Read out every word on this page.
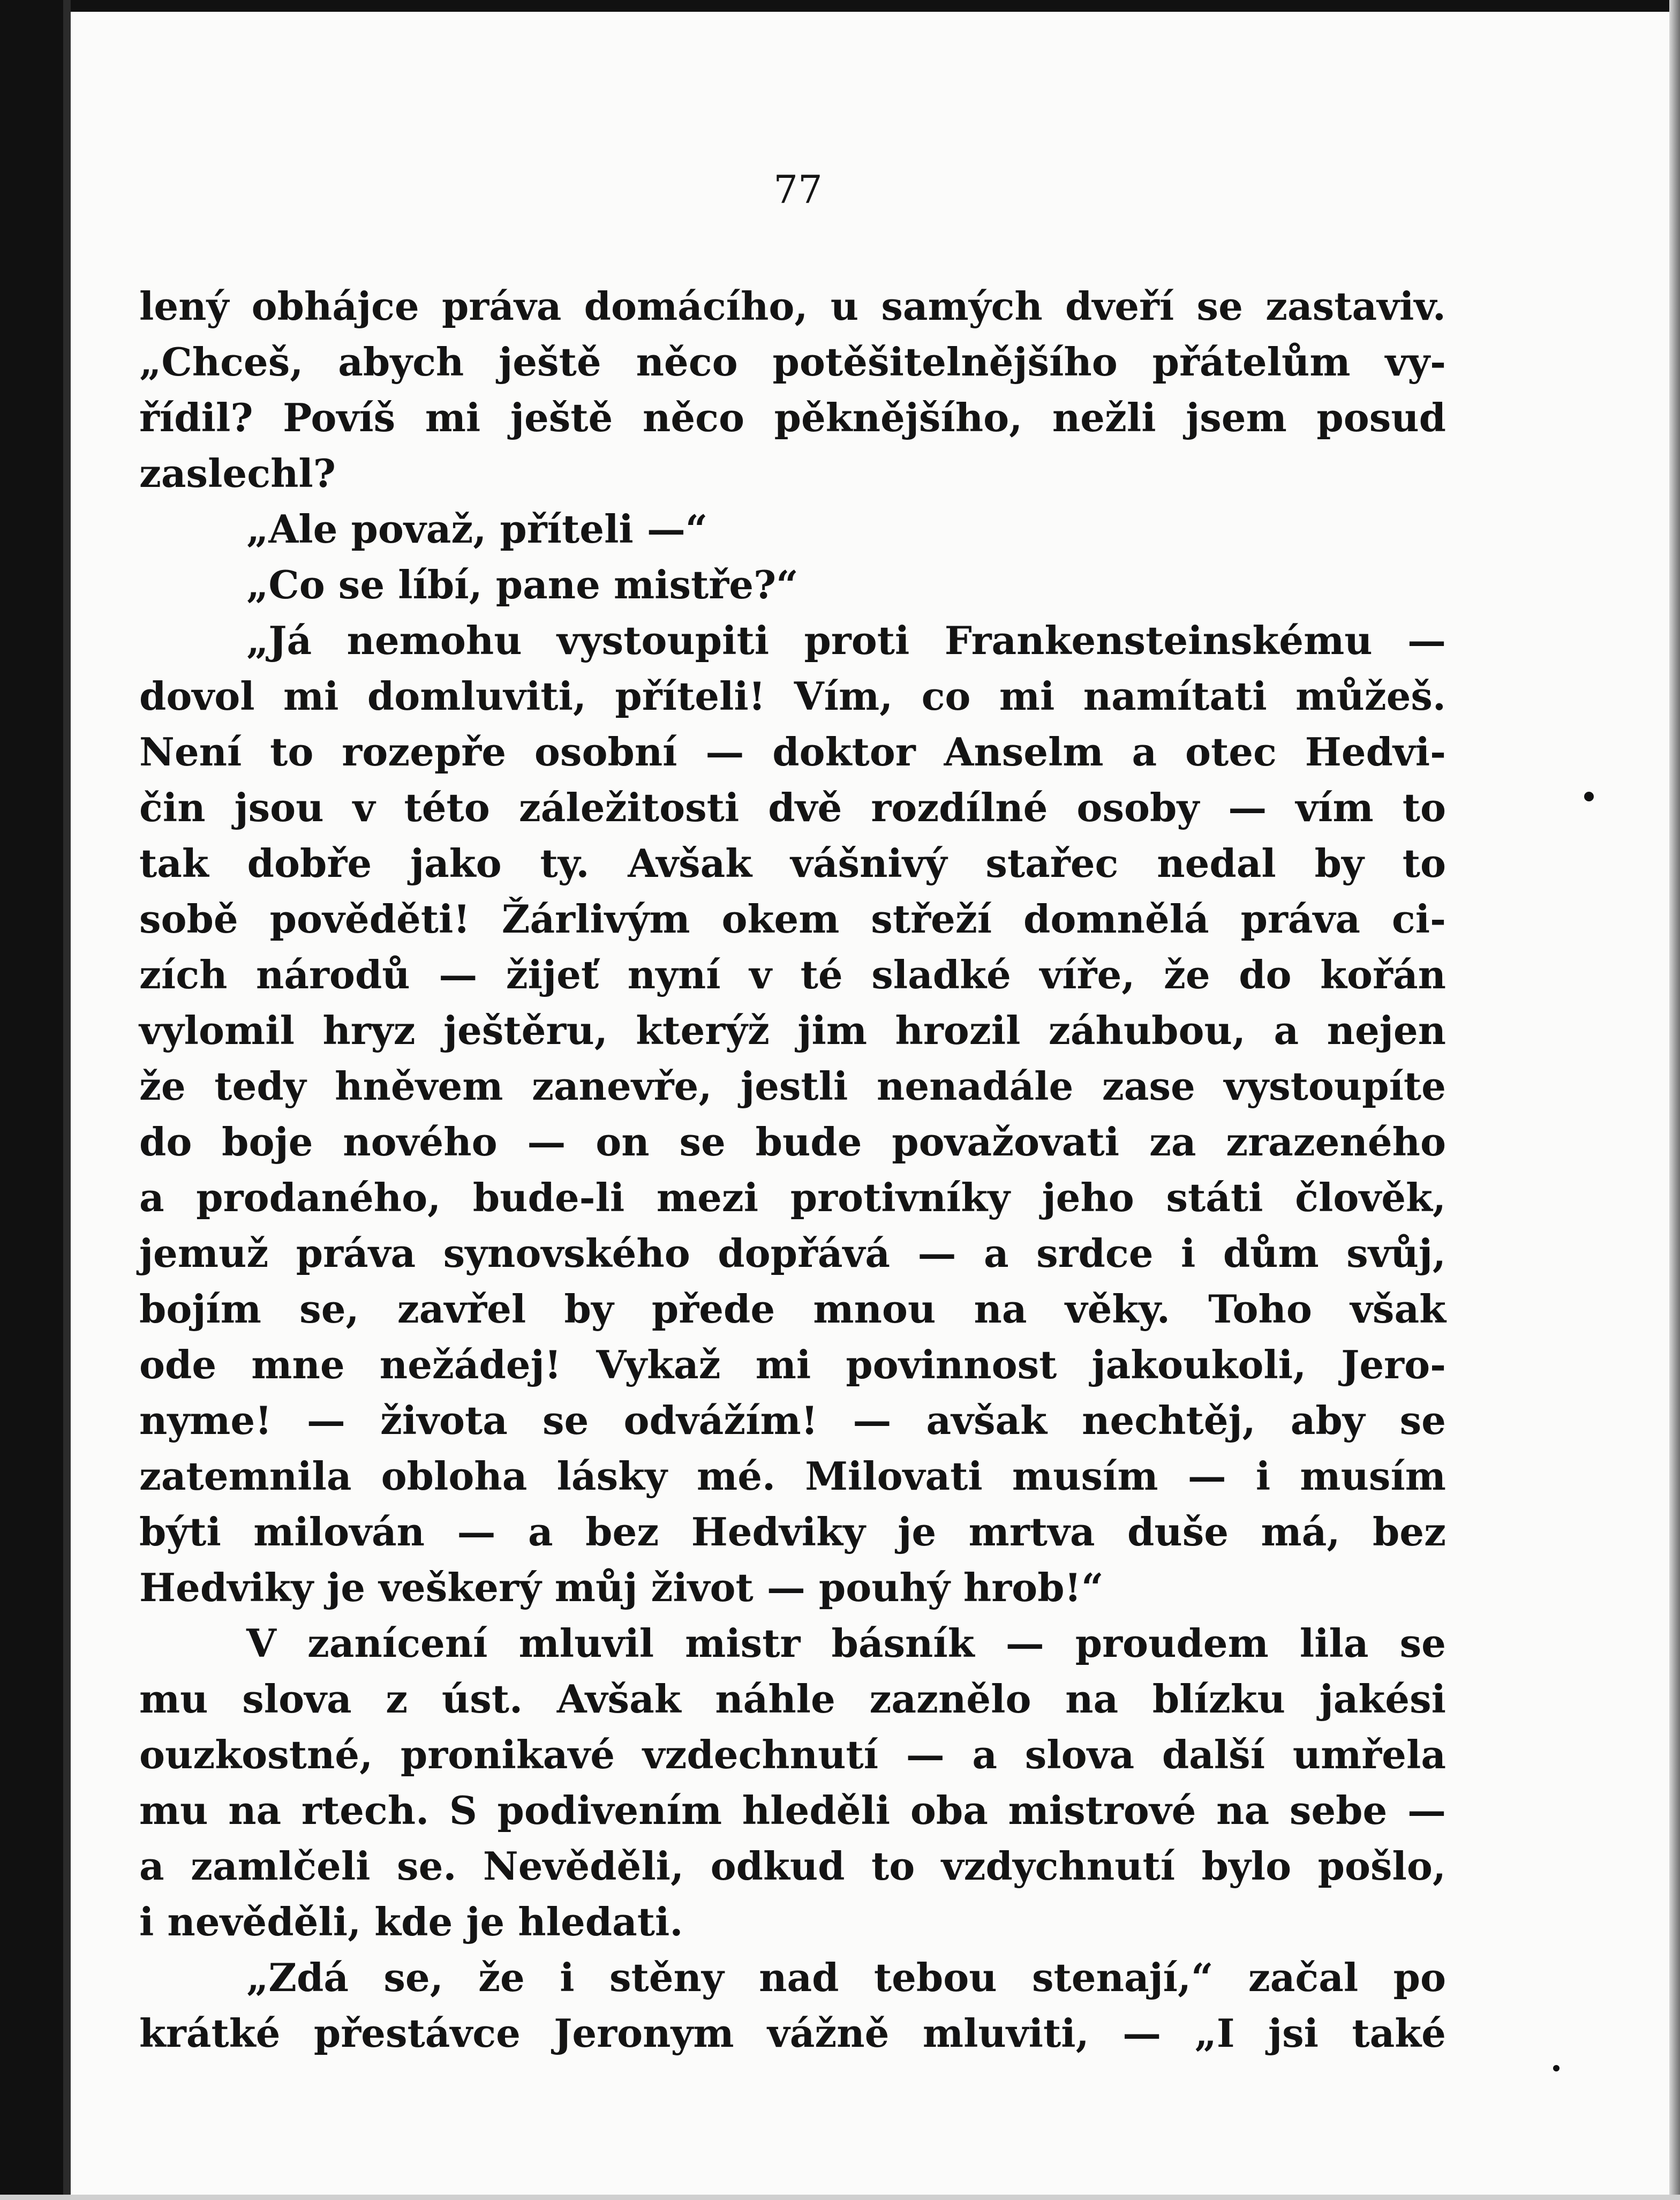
77
lený obhájce práva domácího, u samých dveří se zastaviv.
„Chceš, abych ještě něco potěšitelnějšího přátelům vy-
řídil? Povíš mi ještě něco pěknějšího, nežli jsem posud
zaslechl?
„Ale považ, příteli —“
„Co se líbí, pane mistře?“
„Já nemohu vystoupiti proti Frankensteinskému —
dovol mi domluviti, příteli! Vím, co mi namítati můžeš.
Není to rozepře osobní — doktor Anselm a otec Hedvi-
čin jsou v této záležitosti dvě rozdílné osoby — vím to
tak dobře jako ty. Avšak vášnivý stařec nedal by to
sobě pověděti! Žárlivým okem střeží domnělá práva ci-
zích národů — žijeť nyní v té sladké víře, že do kořán
vylomil hryz ještěru, kterýž jim hrozil záhubou, a nejen
že tedy hněvem zanevře, jestli nenadále zase vystoupíte
do boje nového — on se bude považovati za zrazeného
a prodaného, bude-li mezi protivníky jeho státi člověk,
jemuž práva synovského dopřává — a srdce i dům svůj,
bojím se, zavřel by přede mnou na věky. Toho však
ode mne nežádej! Vykaž mi povinnost jakoukoli, Jero-
nyme! — života se odvážím! — avšak nechtěj, aby se
zatemnila obloha lásky mé. Milovati musím — i musím
býti milován — a bez Hedviky je mrtva duše má, bez
Hedviky je veškerý můj život — pouhý hrob!“
V zanícení mluvil mistr básník — proudem lila se
mu slova z úst. Avšak náhle zaznělo na blízku jakési
ouzkostné, pronikavé vzdechnutí — a slova další umřela
mu na rtech. S podivením hleděli oba mistrové na sebe —
a zamlčeli se. Nevěděli, odkud to vzdychnutí bylo pošlo,
i nevěděli, kde je hledati.
„Zdá se, že i stěny nad tebou stenají,“ začal po
krátké přestávce Jeronym vážně mluviti, — „I jsi také
